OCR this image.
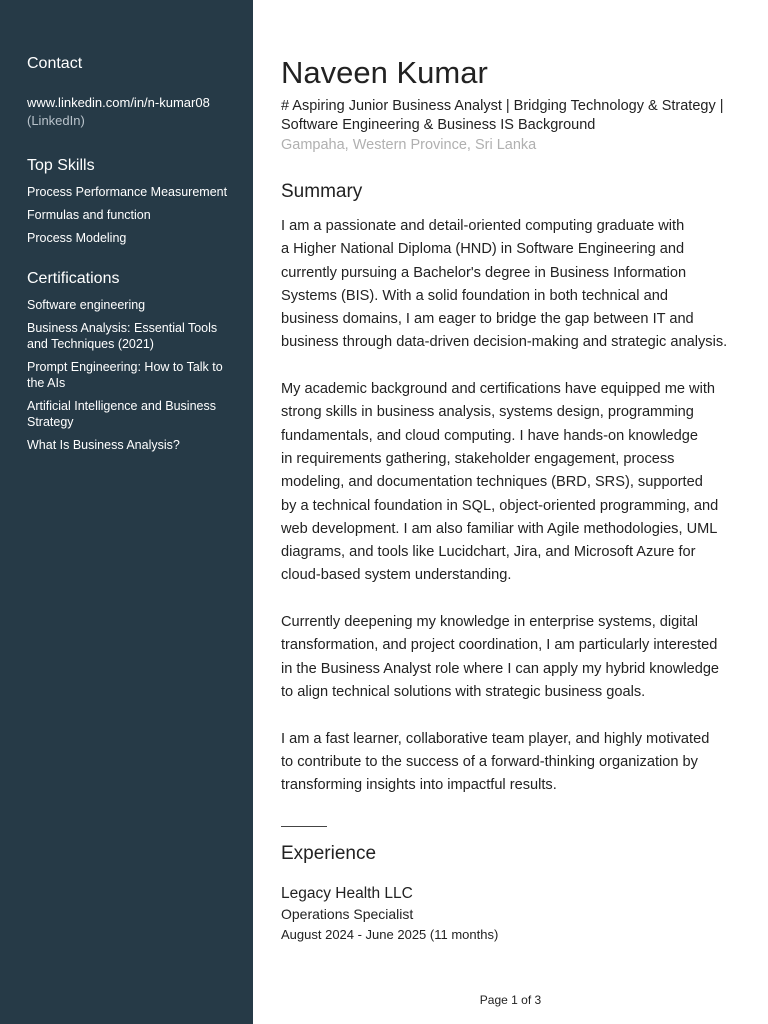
Contact
www.linkedin.com/in/n-kumar08
(LinkedIn)
Top Skills
Process Performance Measurement
Formulas and function
Process Modeling
Certifications
Software engineering
Business Analysis: Essential Tools and Techniques (2021)
Prompt Engineering: How to Talk to the AIs
Artificial Intelligence and Business Strategy
What Is Business Analysis?
Naveen Kumar
# Aspiring Junior Business Analyst | Bridging Technology & Strategy | Software Engineering & Business IS Background
Gampaha, Western Province, Sri Lanka
Summary

I am a passionate and detail-oriented computing graduate with
a Higher National Diploma (HND) in Software Engineering and
currently pursuing a Bachelor's degree in Business Information
Systems (BIS). With a solid foundation in both technical and
business domains, I am eager to bridge the gap between IT and
business through data-driven decision-making and strategic analysis.

My academic background and certifications have equipped me with
strong skills in business analysis, systems design, programming
fundamentals, and cloud computing. I have hands-on knowledge
in requirements gathering, stakeholder engagement, process
modeling, and documentation techniques (BRD, SRS), supported
by a technical foundation in SQL, object-oriented programming, and
web development. I am also familiar with Agile methodologies, UML
diagrams, and tools like Lucidchart, Jira, and Microsoft Azure for
cloud-based system understanding.

Currently deepening my knowledge in enterprise systems, digital
transformation, and project coordination, I am particularly interested
in the Business Analyst role where I can apply my hybrid knowledge
to align technical solutions with strategic business goals.

I am a fast learner, collaborative team player, and highly motivated
to contribute to the success of a forward-thinking organization by
transforming insights into impactful results.

Experience
Legacy Health LLC
Operations Specialist
August 2024 - June 2025 (11 months)
Page 1 of 3
